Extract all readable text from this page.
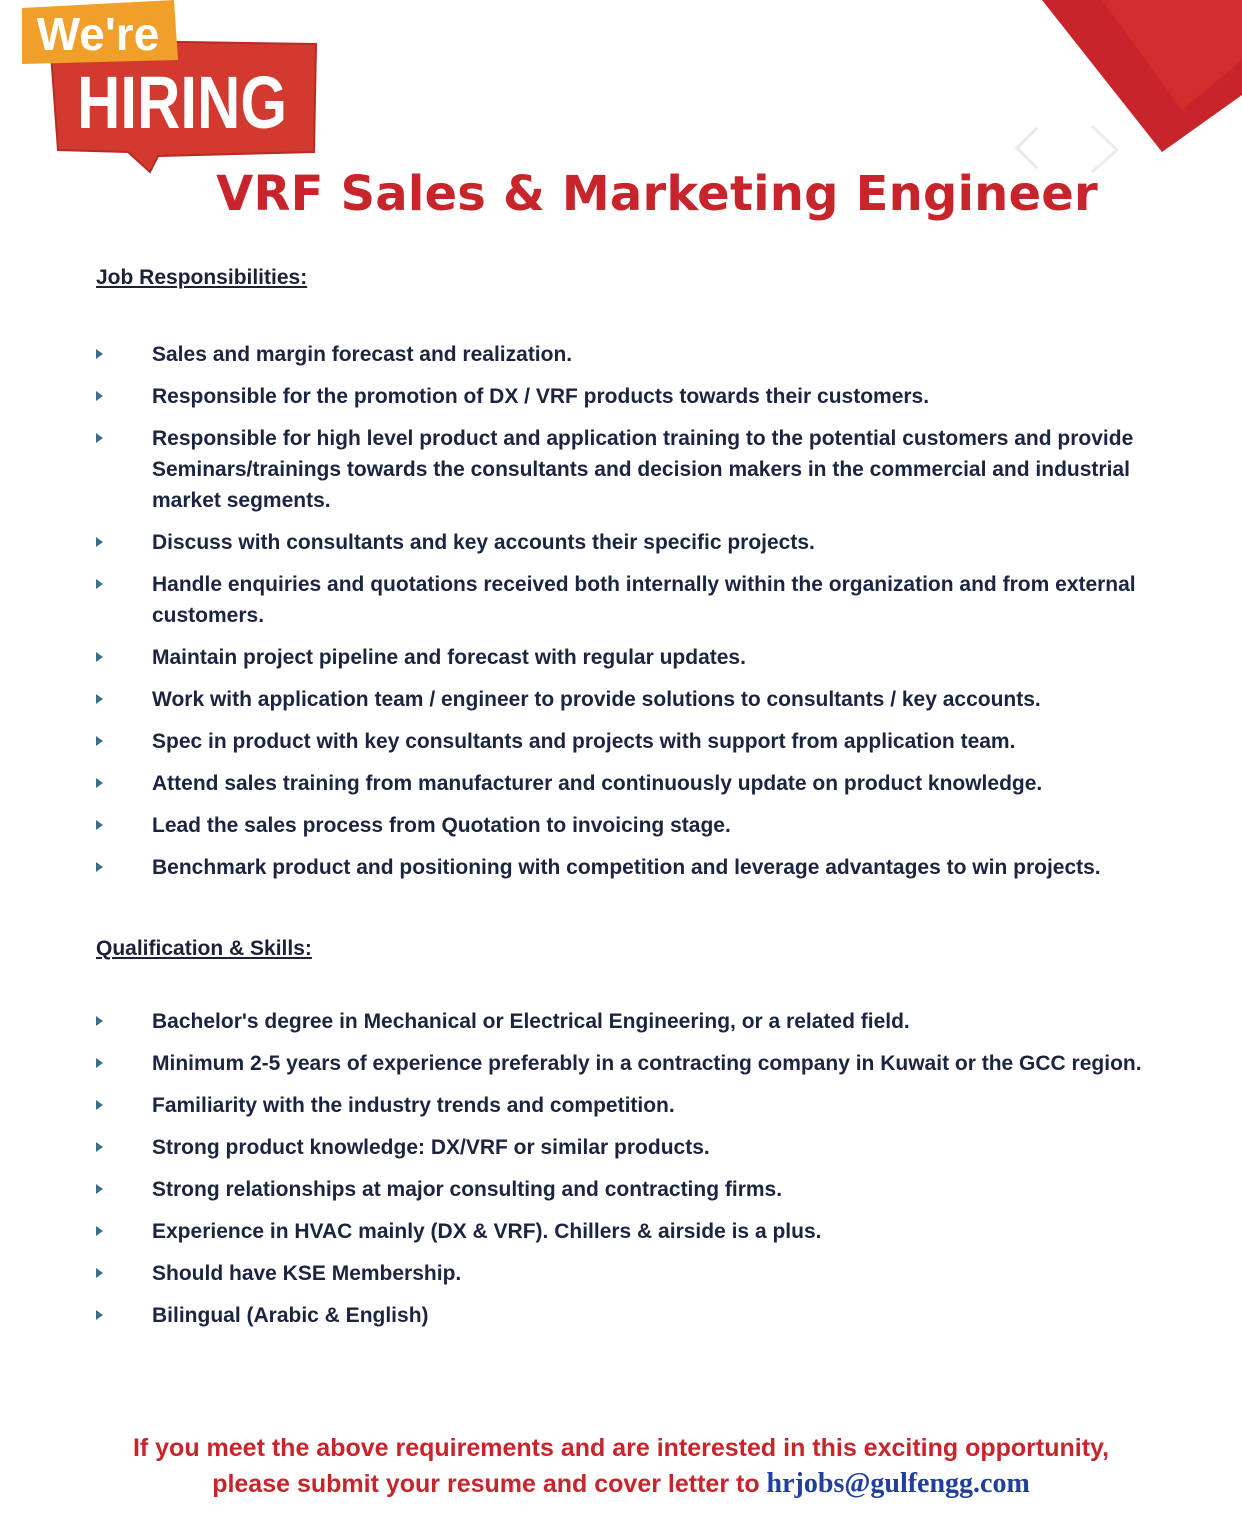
We're
HIRING
VRF Sales & Marketing Engineer
Job Responsibilities:
Sales and margin forecast and realization.
Responsible for the promotion of DX / VRF products towards their customers.
Responsible for high level product and application training to the potential customers and provide Seminars/trainings towards the consultants and decision makers in the commercial and industrial market segments.
Discuss with consultants and key accounts their specific projects.
Handle enquiries and quotations received both internally within the organization and from external customers.
Maintain project pipeline and forecast with regular updates.
Work with application team / engineer to provide solutions to consultants / key accounts.
Spec in product with key consultants and projects with support from application team.
Attend sales training from manufacturer and continuously update on product knowledge.
Lead the sales process from Quotation to invoicing stage.
Benchmark product and positioning with competition and leverage advantages to win projects.
Qualification & Skills:
Bachelor's degree in Mechanical or Electrical Engineering, or a related field.
Minimum 2-5 years of experience preferably in a contracting company in Kuwait or the GCC region.
Familiarity with the industry trends and competition.
Strong product knowledge: DX/VRF or similar products.
Strong relationships at major consulting and contracting firms.
Experience in HVAC mainly (DX & VRF). Chillers & airside is a plus.
Should have KSE Membership.
Bilingual (Arabic & English)
If you meet the above requirements and are interested in this exciting opportunity,
please submit your resume and cover letter to hrjobs@gulfengg.com
